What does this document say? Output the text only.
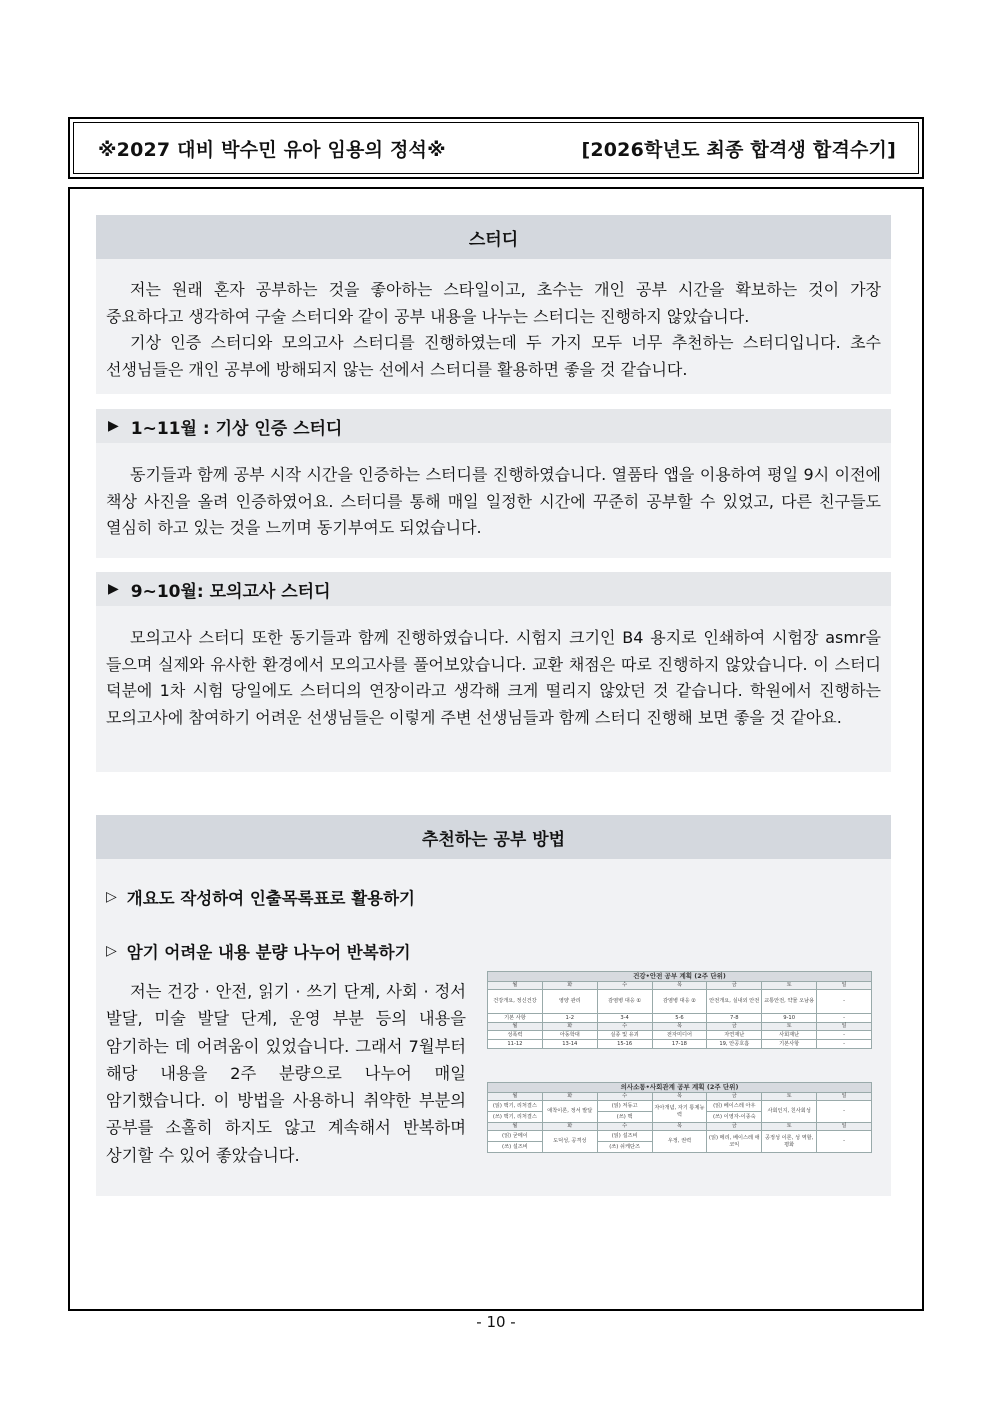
※2027 대비 박수민 유아 임용의 정석※	[2026학년도 최종 합격생 합격수기]
스터디

저는 원래 혼자 공부하는 것을 좋아하는 스타일이고, 초수는 개인 공부 시간을 확보하는 것이 가장 중요하다고 생각하여 구술 스터디와 같이 공부 내용을 나누는 스터디는 진행하지 않았습니다.

기상 인증 스터디와 모의고사 스터디를 진행하였는데 두 가지 모두 너무 추천하는 스터디입니다. 초수 선생님들은 개인 공부에 방해되지 않는 선에서 스터디를 활용하면 좋을 것 같습니다.

▶ 1~11월 : 기상 인증 스터디

동기들과 함께 공부 시작 시간을 인증하는 스터디를 진행하였습니다. 열품타 앱을 이용하여 평일 9시 이전에 책상 사진을 올려 인증하였어요. 스터디를 통해 매일 일정한 시간에 꾸준히 공부할 수 있었고, 다른 친구들도 열심히 하고 있는 것을 느끼며 동기부여도 되었습니다.

▶ 9~10월: 모의고사 스터디

모의고사 스터디 또한 동기들과 함께 진행하였습니다. 시험지 크기인 B4 용지로 인쇄하여 시험장 asmr을 들으며 실제와 유사한 환경에서 모의고사를 풀어보았습니다. 교환 채점은 따로 진행하지 않았습니다. 이 스터디 덕분에 1차 시험 당일에도 스터디의 연장이라고 생각해 크게 떨리지 않았던 것 같습니다. 학원에서 진행하는 모의고사에 참여하기 어려운 선생님들은 이렇게 주변 선생님들과 함께 스터디 진행해 보면 좋을 것 같아요.

추천하는 공부 방법
▷ 개요도 작성하여 인출목록표로 활용하기
▷ 암기 어려운 내용 분량 나누어 반복하기

저는 건강 · 안전, 읽기 · 쓰기 단계, 사회 · 정서 발달, 미술 발달 단계, 운영 부분 등의 내용을 암기하는 데 어려움이 있었습니다. 그래서 7월부터 해당 내용을 2주 분량으로 나누어 매일 암기했습니다. 이 방법을 사용하니 취약한 부분의 공부를 소홀히 하지도 않고 계속해서 반복하며 상기할 수 있어 좋았습니다.

건강•안전 공부 계획 (2주 단위)						
월	화	수	목	금	토	일
건강개요, 정신건강	영양 관리	감염병 대응 ①	감염병 대응 ②	안전개요, 실내외 안전	교통안전, 약물 오남용	-
기본 사항	1-2	3-4	5-6	7-8	9-10	-
월	화	수	목	금	토	일
성폭력	아동학대	실종 및 유괴	전자미디어	자연재난	사회재난	-
11-12	13-14	15-16	17-18	19, 안공호흡	기본사항	-
의사소통•사회관계 공부 계획 (2주 단위)						
월	화	수	목	금	토	일
(읽) 맥기, 리처결스	애착이론, 정서 발달	(읽) 저동고	자아개념, 자기 통제능력	(읽) 베이스레 아우	사회인지, 친사회성	-
(쓰) 맥기, 리처결스		(쓰) 맥		(쓰) 이영자-이종숙		
월	화	수	목	금	토	일
(읽) 굳메이	도덕성, 공격성	(읽) 설즈비	우정, 권력	(읽) 메리, 베이스레 애코익	공정성 이론, 성 역할, 평화	-
(쓰) 설즈비		(쓰) 쉬케단즈				
- 10 -
